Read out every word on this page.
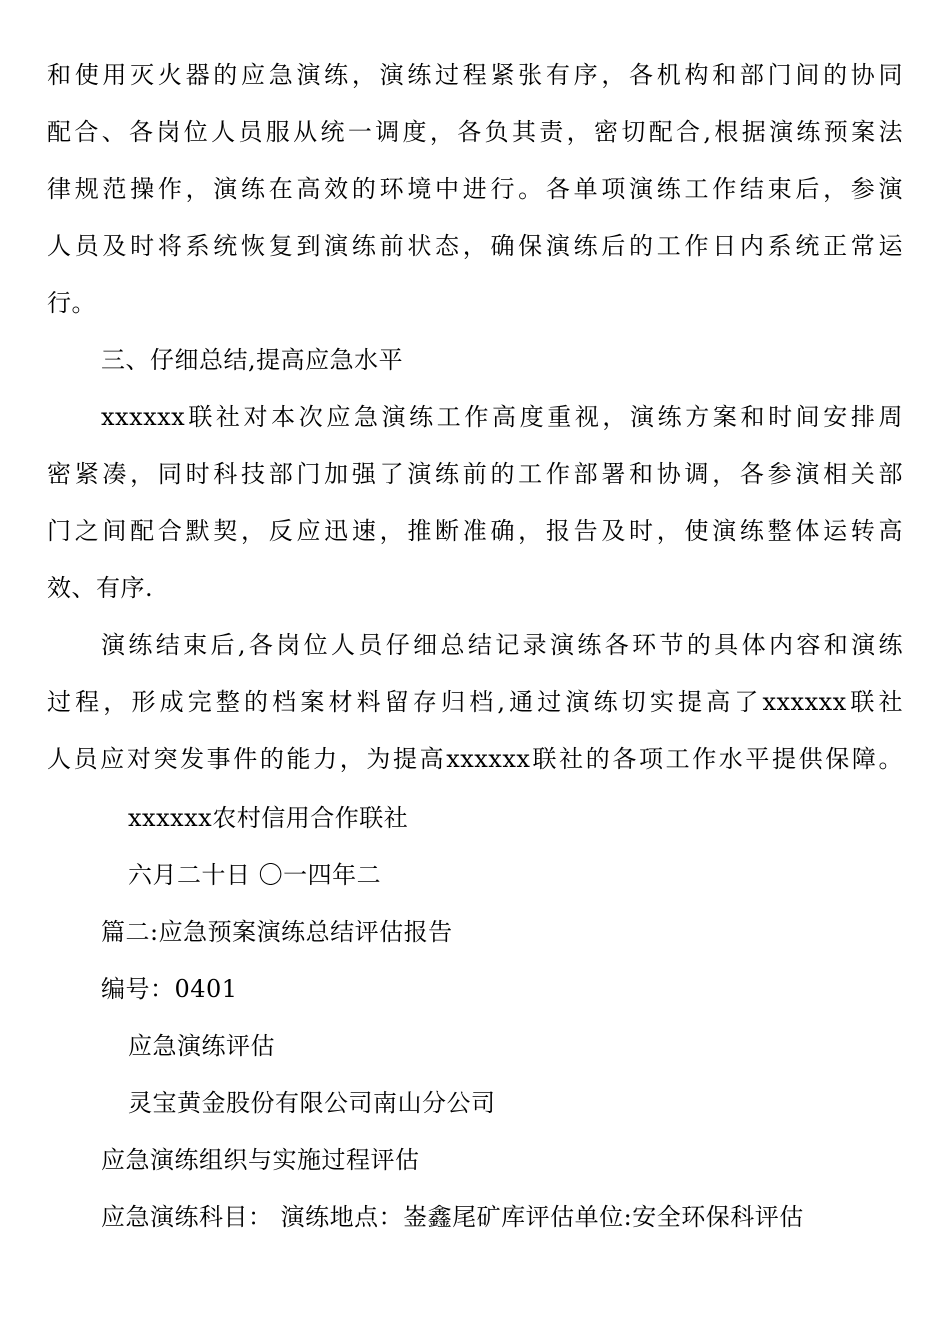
和使用灭火器的应急演练，演练过程紧张有序，各机构和部门间的协同
配合、各岗位人员服从统一调度，各负其责，密切配合,根据演练预案法
律规范操作，演练在高效的环境中进行。各单项演练工作结束后，参演
人员及时将系统恢复到演练前状态，确保演练后的工作日内系统正常运
行。
三、仔细总结,提高应急水平
xxxxxx联社对本次应急演练工作高度重视，演练方案和时间安排周
密紧凑，同时科技部门加强了演练前的工作部署和协调，各参演相关部
门之间配合默契，反应迅速，推断准确，报告及时，使演练整体运转高
效、有序.
演练结束后,各岗位人员仔细总结记录演练各环节的具体内容和演练
过程，形成完整的档案材料留存归档,通过演练切实提高了xxxxxx联社
人员应对突发事件的能力，为提高xxxxxx联社的各项工作水平提供保障。
xxxxxx农村信用合作联社
六月二十日 〇一四年二
篇二:应急预案演练总结评估报告
编号：0401
应急演练评估
灵宝黄金股份有限公司南山分公司
应急演练组织与实施过程评估
应急演练科目： 演练地点：崟鑫尾矿库评估单位:安全环保科评估
